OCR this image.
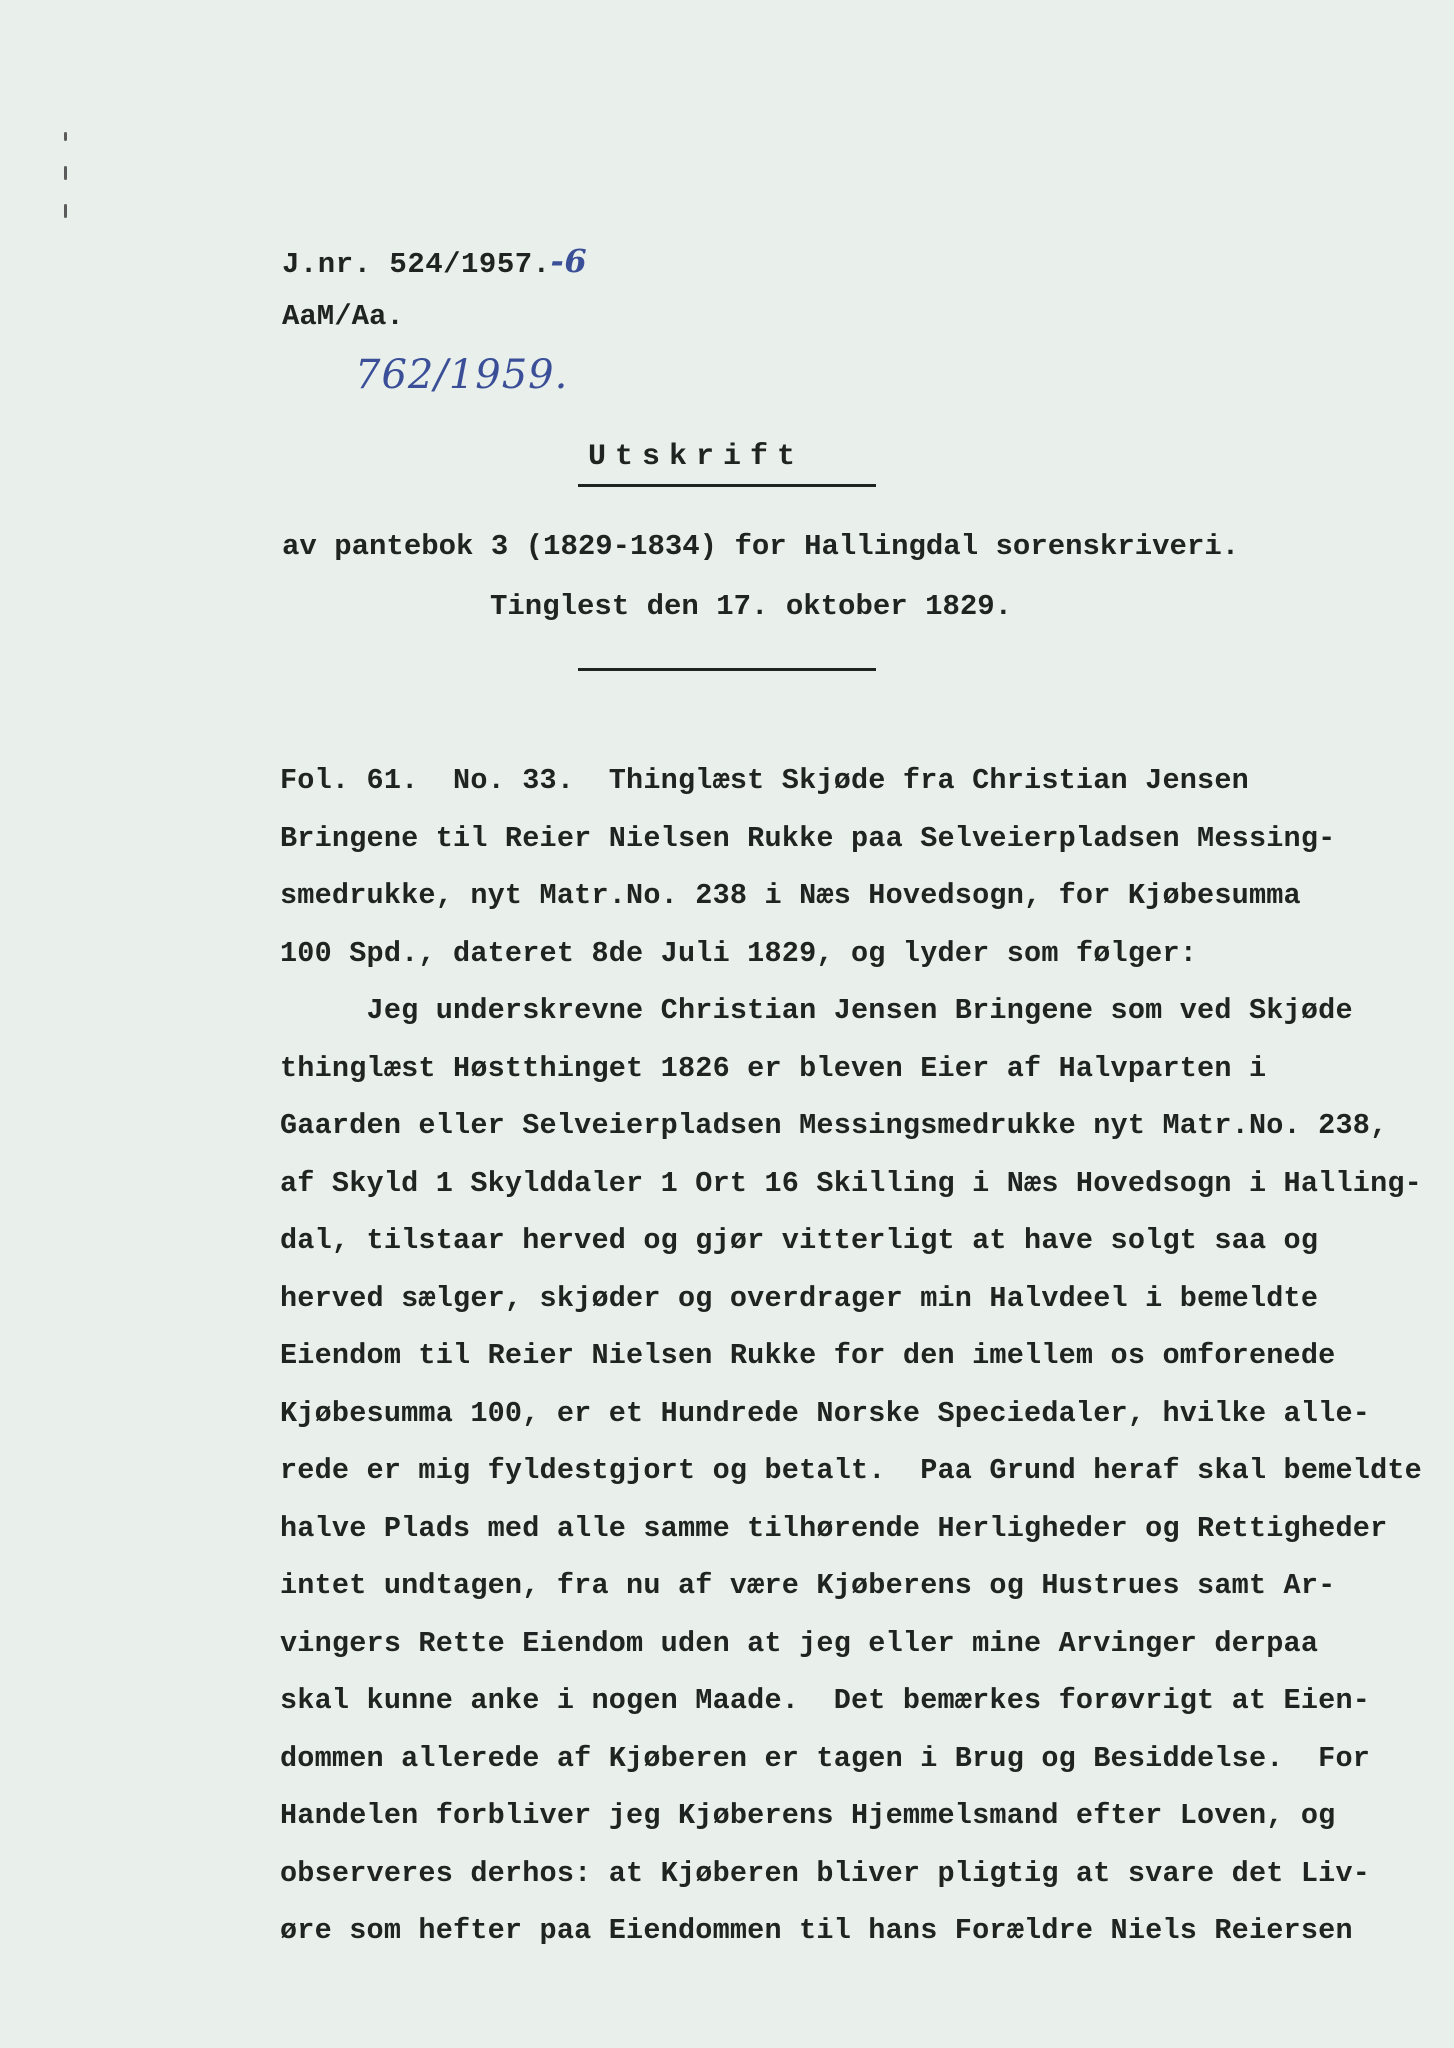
J.nr. 524/1957.-6
AaM/Aa.
762/1959.
Utskrift
av pantebok 3 (1829-1834) for Hallingdal sorenskriveri.
Tinglest den 17. oktober 1829.
Fol. 61.  No. 33.  Thinglæst Skjøde fra Christian Jensen
Bringene til Reier Nielsen Rukke paa Selveierpladsen Messing-
smedrukke, nyt Matr.No. 238 i Næs Hovedsogn, for Kjøbesumma
100 Spd., dateret 8de Juli 1829, og lyder som følger:
Jeg underskrevne Christian Jensen Bringene som ved Skjøde
thinglæst Høstthinget 1826 er bleven Eier af Halvparten i
Gaarden eller Selveierpladsen Messingsmedrukke nyt Matr.No. 238,
af Skyld 1 Skylddaler 1 Ort 16 Skilling i Næs Hovedsogn i Halling-
dal, tilstaar herved og gjør vitterligt at have solgt saa og
herved sælger, skjøder og overdrager min Halvdeel i bemeldte
Eiendom til Reier Nielsen Rukke for den imellem os omforenede
Kjøbesumma 100, er et Hundrede Norske Speciedaler, hvilke alle-
rede er mig fyldestgjort og betalt.  Paa Grund heraf skal bemeldte
halve Plads med alle samme tilhørende Herligheder og Rettigheder
intet undtagen, fra nu af være Kjøberens og Hustrues samt Ar-
vingers Rette Eiendom uden at jeg eller mine Arvinger derpaa
skal kunne anke i nogen Maade.  Det bemærkes forøvrigt at Eien-
dommen allerede af Kjøberen er tagen i Brug og Besiddelse.  For
Handelen forbliver jeg Kjøberens Hjemmelsmand efter Loven, og
observeres derhos: at Kjøberen bliver pligtig at svare det Liv-
øre som hefter paa Eiendommen til hans Forældre Niels Reiersen
